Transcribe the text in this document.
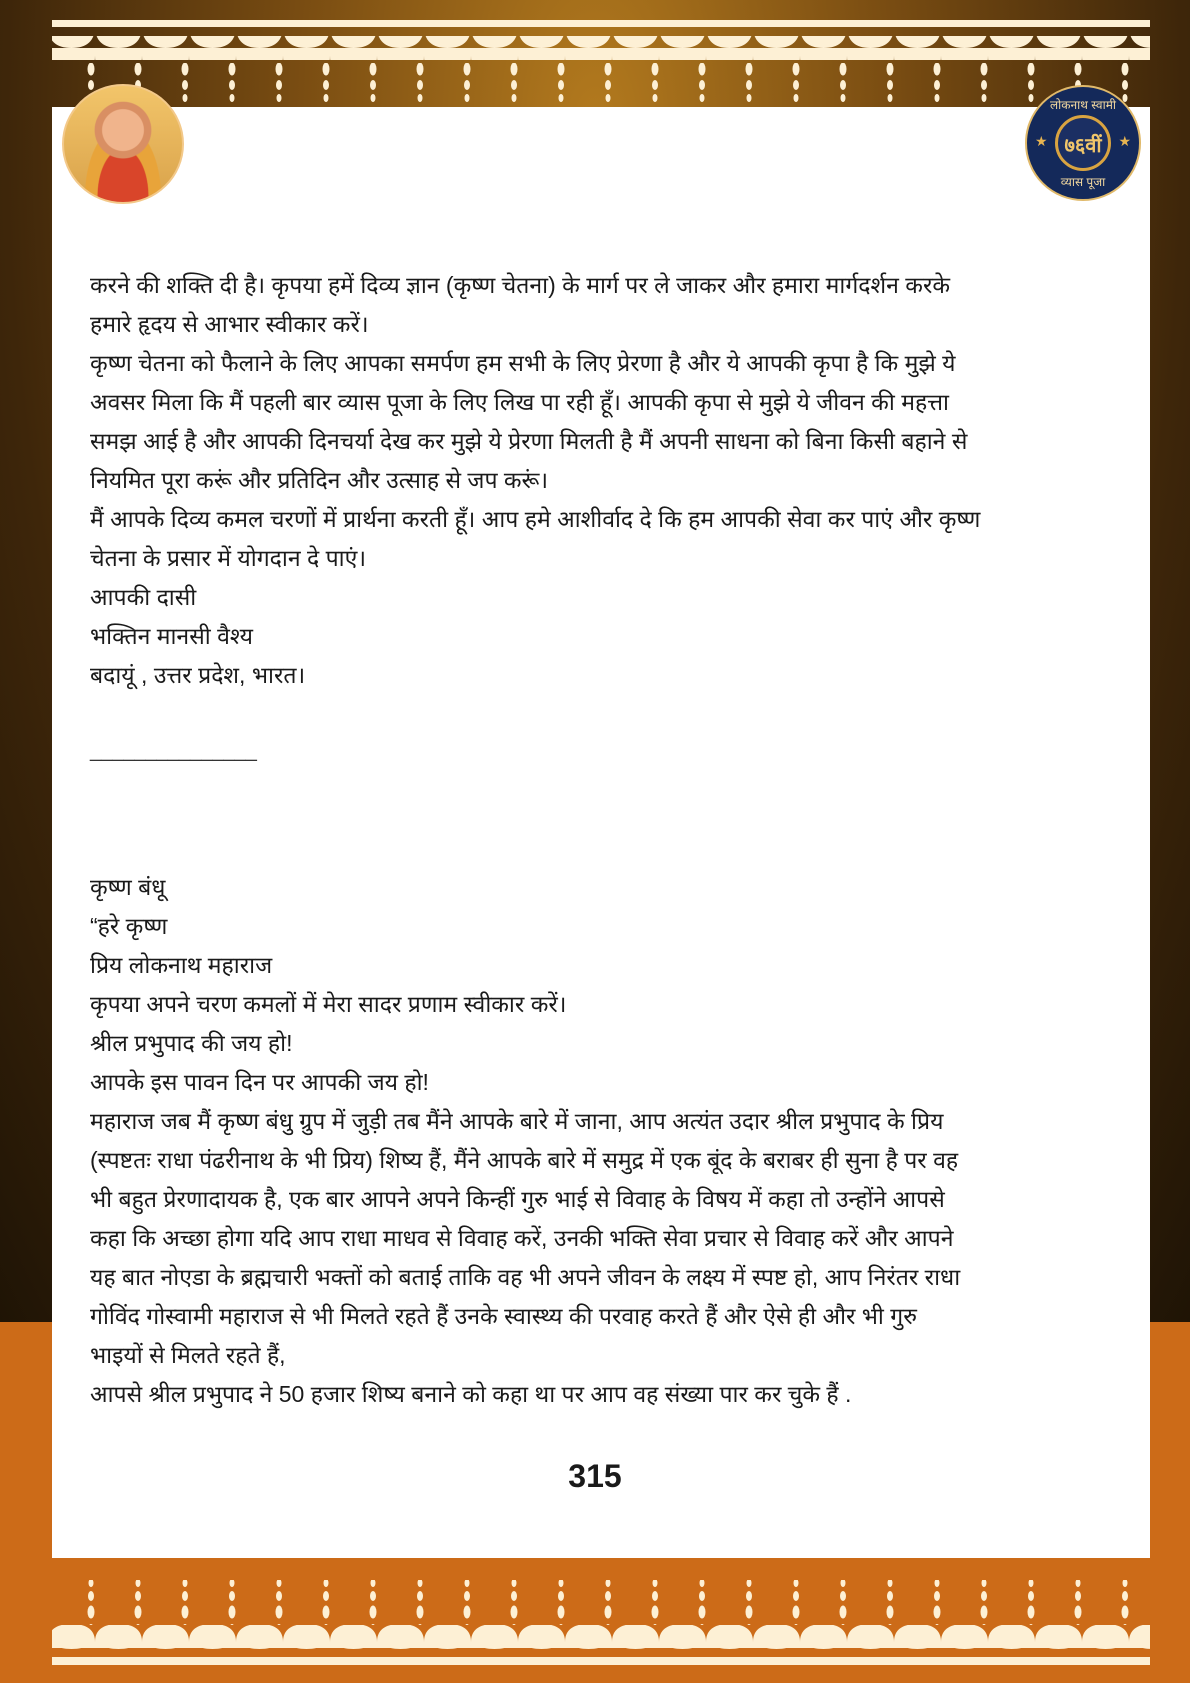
लोकनाथ स्वामी
★ ७६वीं	★
व्यास पूजा
करने की शक्ति दी है। कृपया हमें दिव्य ज्ञान (कृष्ण चेतना) के मार्ग पर ले जाकर और हमारा मार्गदर्शन करके
हमारे हृदय से आभार स्वीकार करें।
कृष्ण चेतना को फैलाने के लिए आपका समर्पण हम सभी के लिए प्रेरणा है और ये आपकी कृपा है कि मुझे ये
अवसर मिला कि मैं पहली बार व्यास पूजा के लिए लिख पा रही हूँ। आपकी कृपा से मुझे ये जीवन की महत्ता
समझ आई है और आपकी दिनचर्या देख कर मुझे ये प्रेरणा मिलती है मैं अपनी साधना को बिना किसी बहाने से
नियमित पूरा करूं और प्रतिदिन और उत्साह से जप करूं।
मैं आपके दिव्य कमल चरणों में प्रार्थना करती हूँ। आप हमे आशीर्वाद दे कि हम आपकी सेवा कर पाएं और कृष्ण
चेतना के प्रसार में योगदान दे पाएं।
आपकी दासी
भक्तिन मानसी वैश्य
बदायूं , उत्तर प्रदेश, भारत।
_______________
कृष्ण बंधू
“हरे कृष्ण
प्रिय लोकनाथ महाराज
कृपया अपने चरण कमलों में मेरा सादर प्रणाम स्वीकार करें।
श्रील प्रभुपाद की जय हो!
आपके इस पावन दिन पर आपकी जय हो!
महाराज जब मैं कृष्ण बंधु ग्रुप में जुड़ी तब मैंने आपके बारे में जाना, आप अत्यंत उदार श्रील प्रभुपाद के प्रिय
(स्पष्टतः राधा पंढरीनाथ के भी प्रिय) शिष्य हैं, मैंने आपके बारे में समुद्र में एक बूंद के बराबर ही सुना है पर वह
भी बहुत प्रेरणादायक है, एक बार आपने अपने किन्हीं गुरु भाई से विवाह के विषय में कहा तो उन्होंने आपसे
कहा कि अच्छा होगा यदि आप राधा माधव से विवाह करें, उनकी भक्ति सेवा प्रचार से विवाह करें और आपने
यह बात नोएडा के ब्रह्मचारी भक्तों को बताई ताकि वह भी अपने जीवन के लक्ष्य में स्पष्ट हो, आप निरंतर राधा
गोविंद गोस्वामी महाराज से भी मिलते रहते हैं उनके स्वास्थ्य की परवाह करते हैं और ऐसे ही और भी गुरु
भाइयों से मिलते रहते हैं,
आपसे श्रील प्रभुपाद ने 50 हजार शिष्य बनाने को कहा था पर आप वह संख्या पार कर चुके हैं .
315
